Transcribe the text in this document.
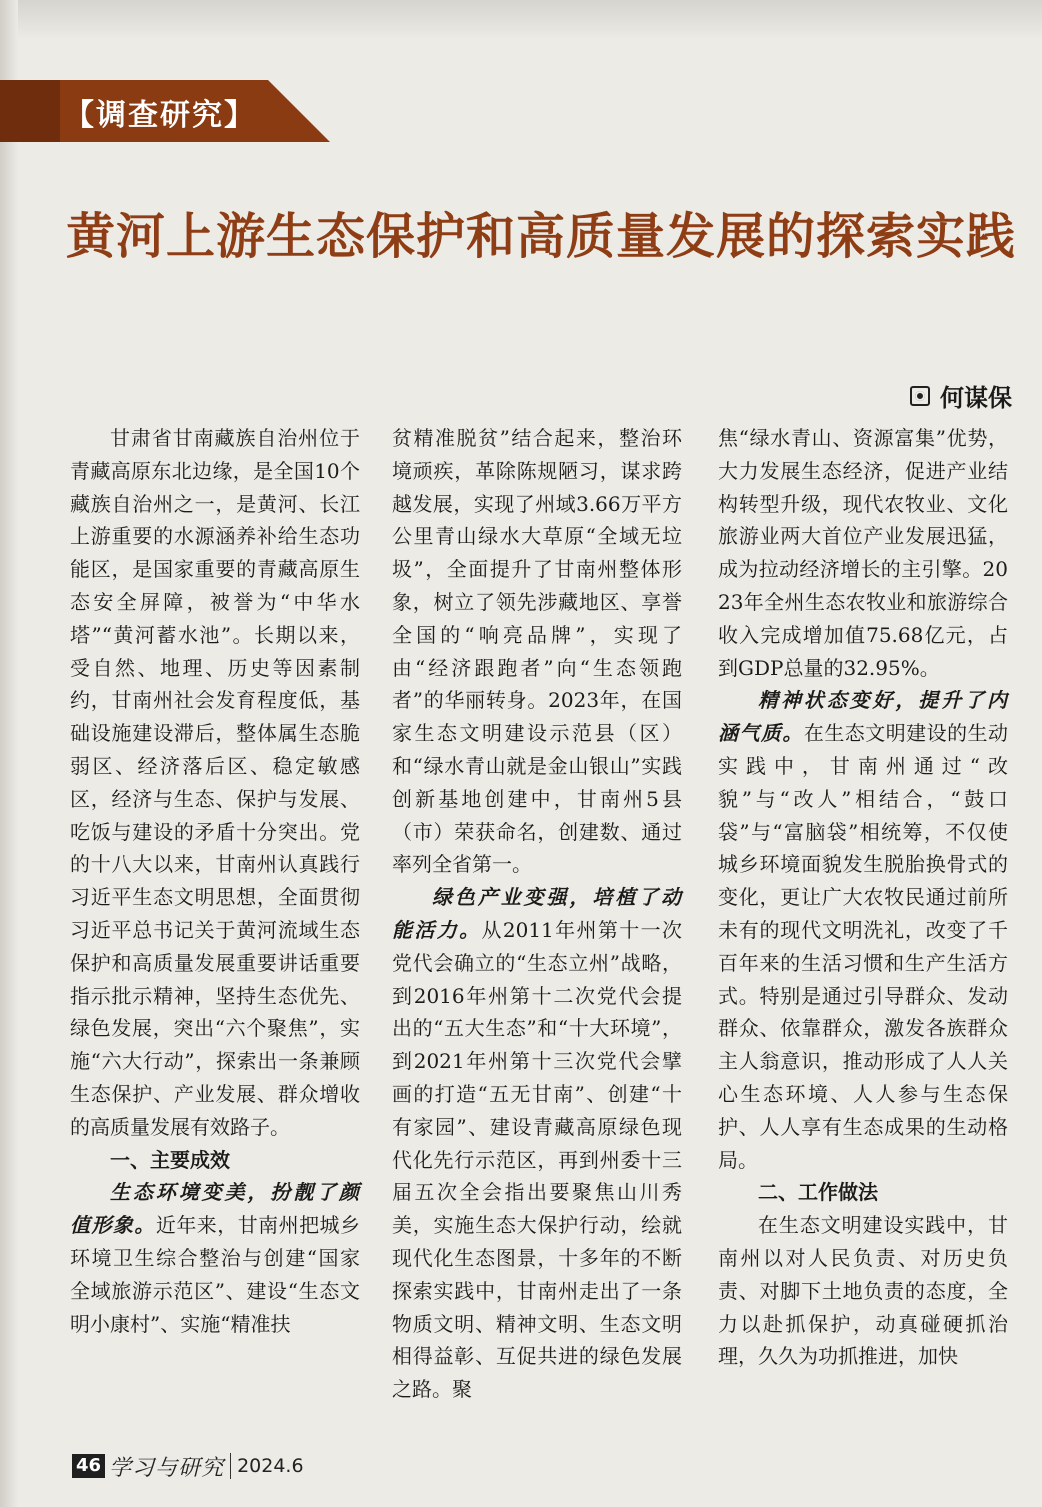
【调查研究】
黄河上游生态保护和高质量发展的探索实践
何谋保

甘肃省甘南藏族自治州位于青藏高原东北边缘，是全国10个藏族自治州之一，是黄河、长江上游重要的水源涵养补给生态功能区，是国家重要的青藏高原生态安全屏障，被誉为“中华水塔”“黄河蓄水池”。长期以来，受自然、地理、历史等因素制约，甘南州社会发育程度低，基础设施建设滞后，整体属生态脆弱区、经济落后区、稳定敏感区，经济与生态、保护与发展、吃饭与建设的矛盾十分突出。党的十八大以来，甘南州认真践行习近平生态文明思想，全面贯彻习近平总书记关于黄河流域生态保护和高质量发展重要讲话重要指示批示精神，坚持生态优先、绿色发展，突出“六个聚焦”，实施“六大行动”，探索出一条兼顾生态保护、产业发展、群众增收的高质量发展有效路子。

一、主要成效

生态环境变美，扮靓了颜值形象。近年来，甘南州把城乡环境卫生综合整治与创建“国家全域旅游示范区”、建设“生态文明小康村”、实施“精准扶

贫精准脱贫”结合起来，整治环境顽疾，革除陈规陋习，谋求跨越发展，实现了州域3.66万平方公里青山绿水大草原“全域无垃圾”，全面提升了甘南州整体形象，树立了领先涉藏地区、享誉全国的“响亮品牌”，实现了由“经济跟跑者”向“生态领跑者”的华丽转身。2023年，在国家生态文明建设示范县（区）和“绿水青山就是金山银山”实践创新基地创建中，甘南州5县（市）荣获命名，创建数、通过率列全省第一。

绿色产业变强，培植了动能活力。从2011年州第十一次党代会确立的“生态立州”战略，到2016年州第十二次党代会提出的“五大生态”和“十大环境”，到2021年州第十三次党代会擘画的打造“五无甘南”、创建“十有家园”、建设青藏高原绿色现代化先行示范区，再到州委十三届五次全会指出要聚焦山川秀美，实施生态大保护行动，绘就现代化生态图景，十多年的不断探索实践中，甘南州走出了一条物质文明、精神文明、生态文明相得益彰、互促共进的绿色发展之路。聚

焦“绿水青山、资源富集”优势，大力发展生态经济，促进产业结构转型升级，现代农牧业、文化旅游业两大首位产业发展迅猛，成为拉动经济增长的主引擎。2023年全州生态农牧业和旅游综合收入完成增加值75.68亿元，占到GDP总量的32.95%。

精神状态变好，提升了内涵气质。在生态文明建设的生动实践中，甘南州通过“改貌”与“改人”相结合，“鼓口袋”与“富脑袋”相统筹，不仅使城乡环境面貌发生脱胎换骨式的变化，更让广大农牧民通过前所未有的现代文明洗礼，改变了千百年来的生活习惯和生产生活方式。特别是通过引导群众、发动群众、依靠群众，激发各族群众主人翁意识，推动形成了人人关心生态环境、人人参与生态保护、人人享有生态成果的生动格局。

二、工作做法

在生态文明建设实践中，甘南州以对人民负责、对历史负责、对脚下土地负责的态度，全力以赴抓保护，动真碰硬抓治理，久久为功抓推进，加快

46 学习与研究 2024.6
